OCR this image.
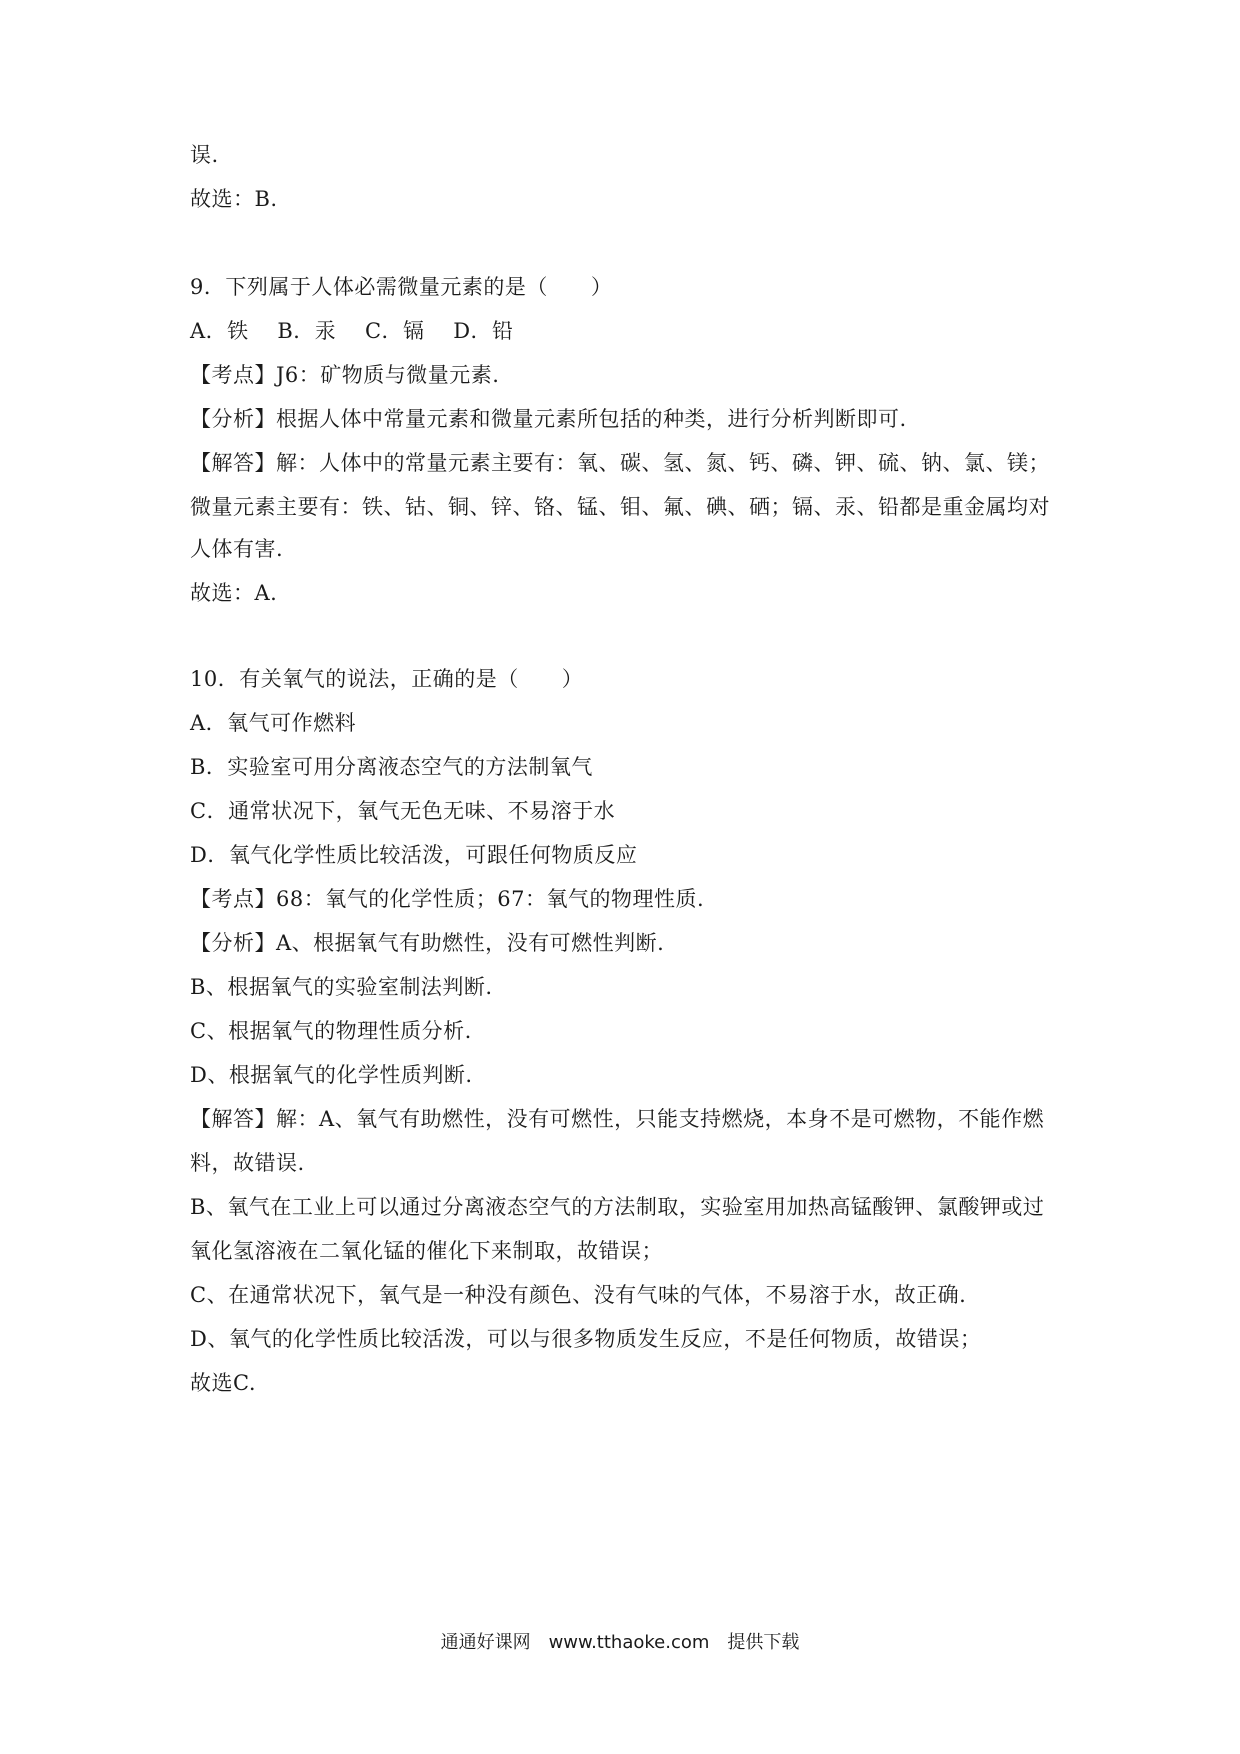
误.
故选：B.
9．下列属于人体必需微量元素的是（　　）
A．铁　 B．汞　 C．镉　 D．铅
【考点】J6：矿物质与微量元素.
【分析】根据人体中常量元素和微量元素所包括的种类，进行分析判断即可.
【解答】解：人体中的常量元素主要有：氧、碳、氢、氮、钙、磷、钾、硫、钠、氯、镁；
微量元素主要有：铁、钴、铜、锌、铬、锰、钼、氟、碘、硒；镉、汞、铅都是重金属均对
人体有害.
故选：A.
10．有关氧气的说法，正确的是（　　）
A．氧气可作燃料
B．实验室可用分离液态空气的方法制氧气
C．通常状况下，氧气无色无味、不易溶于水
D．氧气化学性质比较活泼，可跟任何物质反应
【考点】68：氧气的化学性质；67：氧气的物理性质.
【分析】A、根据氧气有助燃性，没有可燃性判断.
B、根据氧气的实验室制法判断.
C、根据氧气的物理性质分析.
D、根据氧气的化学性质判断.
【解答】解：A、氧气有助燃性，没有可燃性，只能支持燃烧，本身不是可燃物，不能作燃
料，故错误.
B、氧气在工业上可以通过分离液态空气的方法制取，实验室用加热高锰酸钾、氯酸钾或过
氧化氢溶液在二氧化锰的催化下来制取，故错误；
C、在通常状况下，氧气是一种没有颜色、没有气味的气体，不易溶于水，故正确.
D、氧气的化学性质比较活泼，可以与很多物质发生反应，不是任何物质，故错误；
故选C.
通通好课网　www.tthaoke.com　提供下载
